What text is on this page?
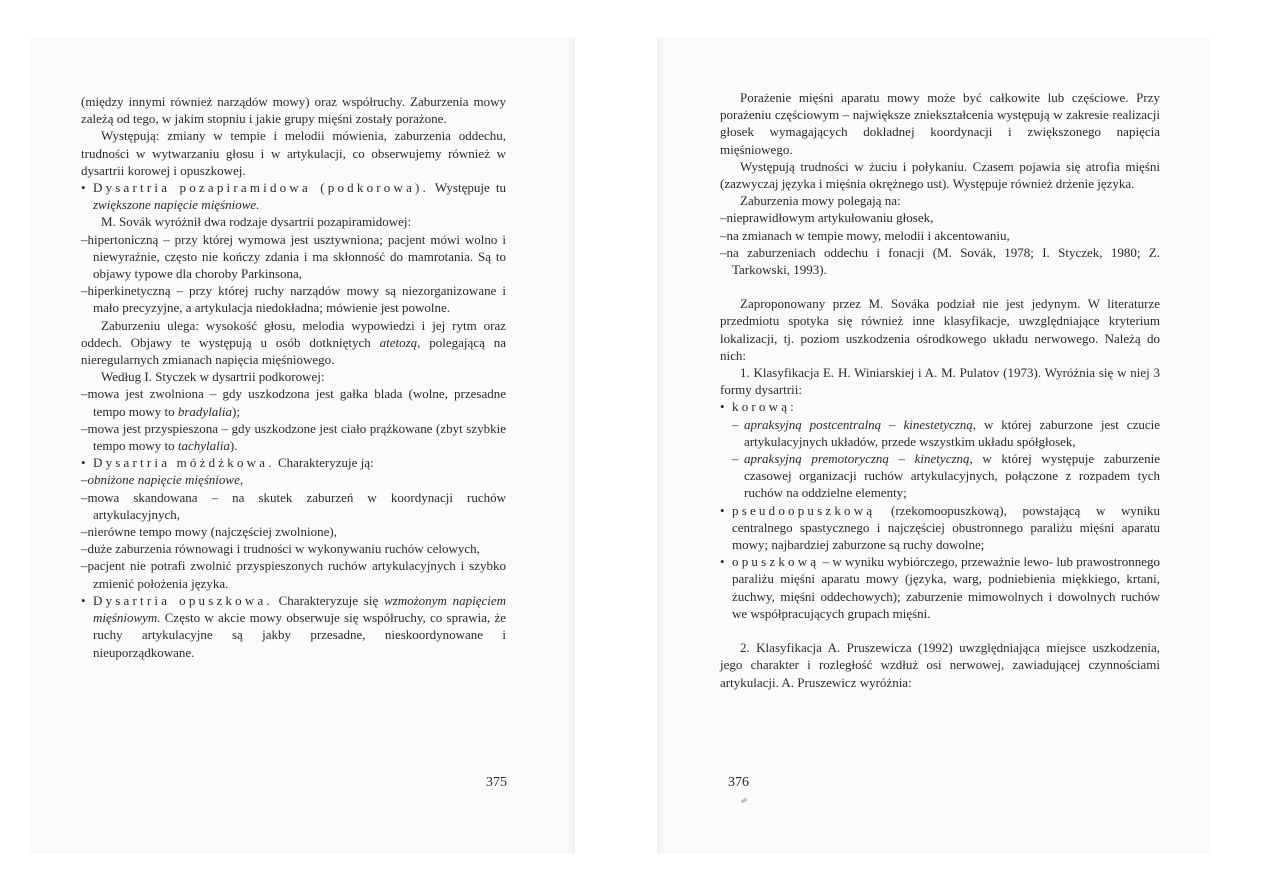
(między innymi również narządów mowy) oraz współruchy. Zaburzenia mowy zależą od tego, w jakim stopniu i jakie grupy mięśni zostały porażone.

Występują: zmiany w tempie i melodii mówienia, zaburzenia oddechu, trudności w wytwarzaniu głosu i w artykulacji, co obserwujemy również w dysartrii korowej i opuszkowej.

• Dysartria pozapiramidowa (podkorowa). Występuje tu zwiększone napięcie mięśniowe.

M. Sovák wyróżnił dwa rodzaje dysartrii pozapiramidowej:

–hipertoniczną – przy której wymowa jest usztywniona; pacjent mówi wolno i niewyraźnie, często nie kończy zdania i ma skłonność do mamrotania. Są to objawy typowe dla choroby Parkinsona,

–hiperkinetyczną – przy której ruchy narządów mowy są niezorganizowane i mało precyzyjne, a artykulacja niedokładna; mówienie jest powolne.

Zaburzeniu ulega: wysokość głosu, melodia wypowiedzi i jej rytm oraz oddech. Objawy te występują u osób dotkniętych atetozą, polegającą na nieregularnych zmianach napięcia mięśniowego.

Według I. Styczek w dysartrii podkorowej:

–mowa jest zwolniona – gdy uszkodzona jest gałka blada (wolne, przesadne tempo mowy to bradylalia);

–mowa jest przyspieszona – gdy uszkodzone jest ciało prążkowane (zbyt szybkie tempo mowy to tachylalia).

• Dysartria móżdżkowa. Charakteryzuje ją:

–obniżone napięcie mięśniowe,

–mowa skandowana – na skutek zaburzeń w koordynacji ruchów artykulacyjnych,

–nierówne tempo mowy (najczęściej zwolnione),

–duże zaburzenia równowagi i trudności w wykonywaniu ruchów celowych,

–pacjent nie potrafi zwolnić przyspieszonych ruchów artykulacyjnych i szybko zmienić położenia języka.

• Dysartria opuszkowa. Charakteryzuje się wzmożonym napięciem mięśniowym. Często w akcie mowy obserwuje się współruchy, co sprawia, że ruchy artykulacyjne są jakby przesadne, nieskoordynowane i nieuporządkowane.

375

Porażenie mięśni aparatu mowy może być całkowite lub częściowe. Przy porażeniu częściowym – największe zniekształcenia występują w zakresie realizacji głosek wymagających dokładnej koordynacji i zwiększonego napięcia mięśniowego.

Występują trudności w żuciu i połykaniu. Czasem pojawia się atrofia mięśni (zazwyczaj języka i mięśnia okrężnego ust). Występuje również drżenie języka.

Zaburzenia mowy polegają na:

–nieprawidłowym artykułowaniu głosek,

–na zmianach w tempie mowy, melodii i akcentowaniu,

–na zaburzeniach oddechu i fonacji (M. Sovák, 1978; I. Styczek, 1980; Z. Tarkowski, 1993).

Zaproponowany przez M. Sováka podział nie jest jedynym. W literaturze przedmiotu spotyka się również inne klasyfikacje, uwzględniające kryterium lokalizacji, tj. poziom uszkodzenia ośrodkowego układu nerwowego. Należą do nich:

1. Klasyfikacja E. H. Winiarskiej i A. M. Pulatov (1973). Wyróżnia się w niej 3 formy dysartrii:

• korową:

– apraksyjną postcentralną – kinestetyczną, w której zaburzone jest czucie artykulacyjnych układów, przede wszystkim układu spółgłosek,

– apraksyjną premotoryczną – kinetyczną, w której występuje zaburzenie czasowej organizacji ruchów artykulacyjnych, połączone z rozpadem tych ruchów na oddzielne elementy;

• pseudoopuszkową (rzekomoopuszkową), powstającą w wyniku centralnego spastycznego i najczęściej obustronnego paraliżu mięśni aparatu mowy; najbardziej zaburzone są ruchy dowolne;

• opuszkową – w wyniku wybiórczego, przeważnie lewo- lub prawostronnego paraliżu mięśni aparatu mowy (języka, warg, podniebienia miękkiego, krtani, żuchwy, mięśni oddechowych); zaburzenie mimowolnych i dowolnych ruchów we współpracujących grupach mięśni.

2. Klasyfikacja A. Pruszewicza (1992) uwzględniająca miejsce uszkodzenia, jego charakter i rozległość wzdłuż osi nerwowej, zawiadującej czynnościami artykulacji. A. Pruszewicz wyróżnia:

376
